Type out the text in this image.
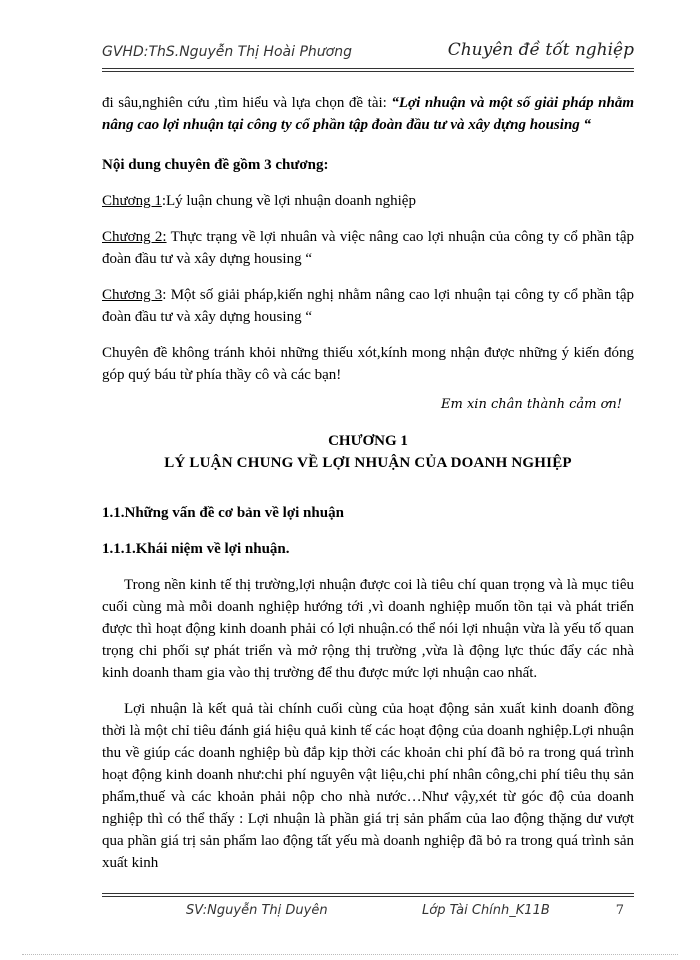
GVHD:ThS.Nguyễn Thị Hoài Phương	Chuyên đề tốt nghiệp

đi sâu,nghiên cứu ,tìm hiểu và lựa chọn đề tài: “Lợi nhuận và một số giải pháp nhằm nâng cao lợi nhuận tại công ty cổ phần tập đoàn đầu tư và xây dựng housing “

Nội dung chuyên đề gồm 3 chương:

Chương 1:Lý luận chung về lợi nhuận doanh nghiệp

Chương 2: Thực trạng về lợi nhuân và việc nâng cao lợi nhuận của công ty cổ phần tập đoàn đầu tư và xây dựng housing “

Chương 3: Một số giải pháp,kiến nghị nhằm nâng cao lợi nhuận tại công ty cổ phần tập đoàn đầu tư và xây dựng housing “

Chuyên đề không tránh khỏi những thiếu xót,kính mong nhận được những ý kiến đóng góp quý báu từ phía thầy cô và các bạn!

Em xin chân thành cảm ơn!

CHƯƠNG 1

LÝ LUẬN CHUNG VỀ LỢI NHUẬN CỦA DOANH NGHIỆP

1.1.Những vấn đề cơ bản về lợi nhuận

1.1.1.Khái niệm về lợi nhuận.

Trong nền kinh tế thị trường,lợi nhuận được coi là tiêu chí quan trọng và là mục tiêu cuối cùng mà mỗi doanh nghiệp hướng tới ,vì doanh nghiệp muốn tồn tại và phát triển được thì hoạt động kinh doanh phải có lợi nhuận.có thể nói lợi nhuận vừa là yếu tố quan trọng chi phối sự phát triển và mở rộng thị trường ,vừa là động lực thúc đẩy các nhà kinh doanh tham gia vào thị trường để thu được mức lợi nhuận cao nhất.

Lợi nhuận là kết quả tài chính cuối cùng của hoạt động sản xuất kinh doanh đồng thời là một chỉ tiêu đánh giá hiệu quả kinh tế các hoạt động của doanh nghiệp.Lợi nhuận thu về giúp các doanh nghiệp bù đắp kịp thời các khoản chi phí đã bỏ ra trong quá trình hoạt động kinh doanh như:chi phí nguyên vật liệu,chi phí nhân công,chi phí tiêu thụ sản phẩm,thuế và các khoản phải nộp cho nhà nước…Như vậy,xét từ góc độ của doanh nghiệp thì có thể thấy : Lợi nhuận là phần giá trị sản phẩm của lao động thặng dư vượt qua phần giá trị sản phẩm lao động tất yếu mà doanh nghiệp đã bỏ ra trong quá trình sản xuất kinh

SV:Nguyễn Thị Duyên	Lớp Tài Chính_K11B	7
